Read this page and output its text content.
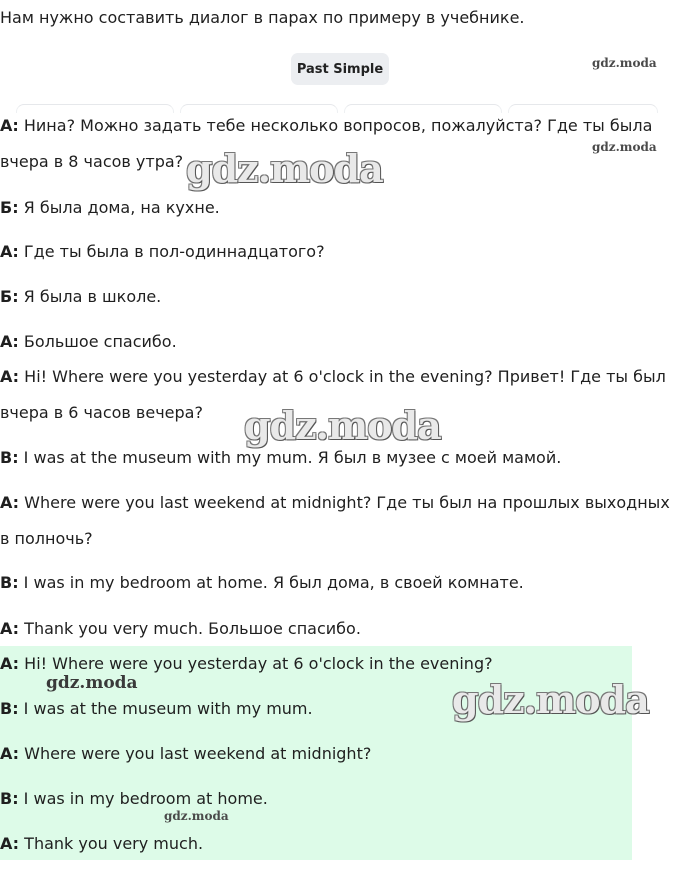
Нам нужно составить диалог в парах по примеру в учебнике.

Past Simple

А: Нина? Можно задать тебе несколько вопросов, пожалуйста? Где ты была вчера в 8 часов утра?

Б: Я была дома, на кухне.

А: Где ты была в пол-одиннадцатого?

Б: Я была в школе.

А: Большое спасибо.

A: Hi! Where were you yesterday at 6 o'clock in the evening? Привет! Где ты был вчера в 6 часов вечера?

B: I was at the museum with my mum. Я был в музее с моей мамой.

A: Where were you last weekend at midnight? Где ты был на прошлых выходных в полночь?

B: I was in my bedroom at home. Я был дома, в своей комнате.

A: Thank you very much. Большое спасибо.

A: Hi! Where were you yesterday at 6 o'clock in the evening?

B: I was at the museum with my mum.

A: Where were you last weekend at midnight?

B: I was in my bedroom at home.

A: Thank you very much.

gdz.moda
gdz.moda
gdz.moda
gdz.moda
gdz.moda	gdz.moda
gdz.moda
